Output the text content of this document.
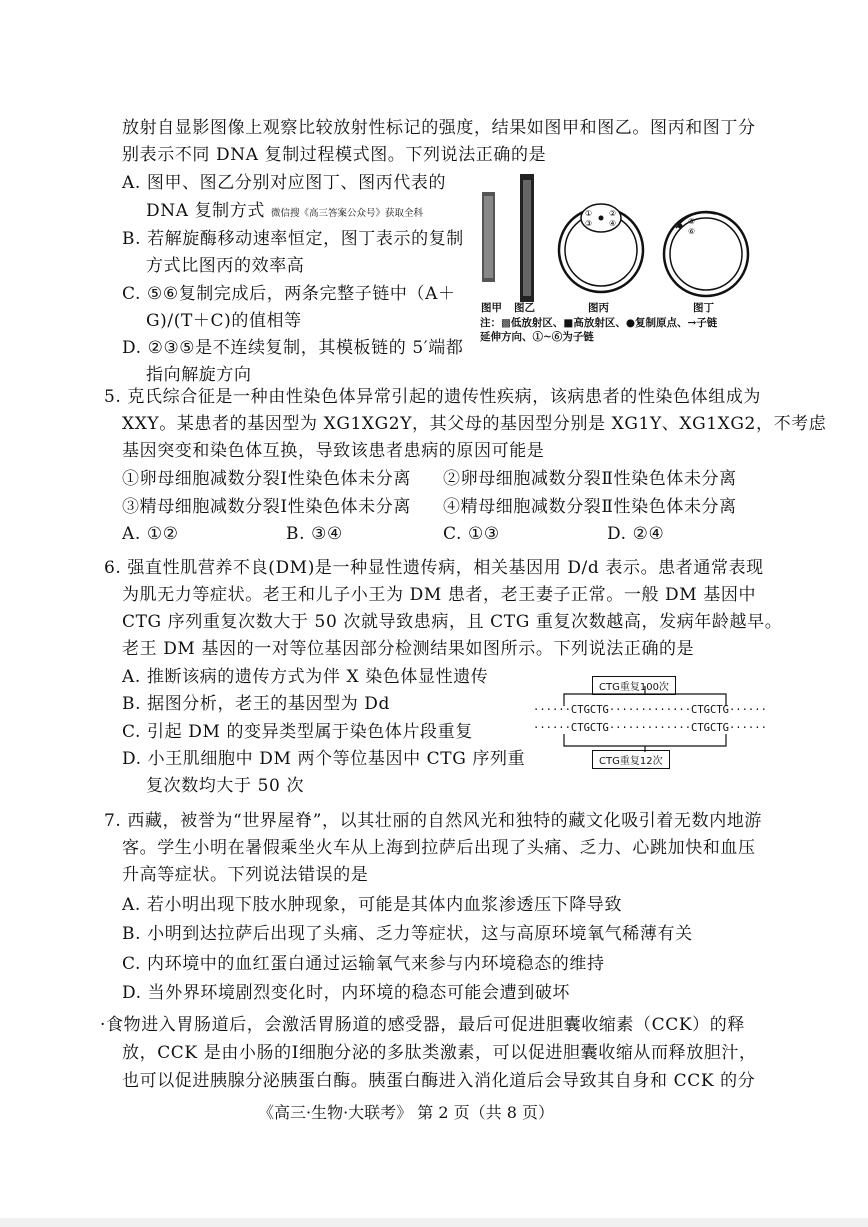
放射自显影图像上观察比较放射性标记的强度，结果如图甲和图乙。图丙和图丁分
别表示不同 DNA 复制过程模式图。下列说法正确的是
A. 图甲、图乙分别对应图丁、图丙代表的
DNA 复制方式 微信搜《高三答案公众号》获取全科
B. 若解旋酶移动速率恒定，图丁表示的复制
方式比图丙的效率高
C. ⑤⑥复制完成后，两条完整子链中（A＋
G)/(T＋C)的值相等
D. ②③⑤是不连续复制，其模板链的 5′端都
指向解旋方向
① ②
③ ④	⑤
⑥
图甲 图乙	图丙	图丁
注：▩低放射区、■高放射区、●复制原点、→子链
延伸方向、①~⑥为子链
5. 克氏综合征是一种由性染色体异常引起的遗传性疾病，该病患者的性染色体组成为
XXY。某患者的基因型为 XG1XG2Y，其父母的基因型分别是 XG1Y、XG1XG2，不考虑
基因突变和染色体互换，导致该患者患病的原因可能是
①卵母细胞减数分裂Ⅰ性染色体未分离 ②卵母细胞减数分裂Ⅱ性染色体未分离
③精母细胞减数分裂Ⅰ性染色体未分离 ④精母细胞减数分裂Ⅱ性染色体未分离
A. ①②	B. ③④	C. ①③	D. ②④
6. 强直性肌营养不良(DM)是一种显性遗传病，相关基因用 D/d 表示。患者通常表现
为肌无力等症状。老王和儿子小王为 DM 患者，老王妻子正常。一般 DM 基因中
CTG 序列重复次数大于 50 次就导致患病，且 CTG 重复次数越高，发病年龄越早。
老王 DM 基因的一对等位基因部分检测结果如图所示。下列说法正确的是
A. 推断该病的遗传方式为伴 X 染色体显性遗传
B. 据图分析，老王的基因型为 Dd
C. 引起 DM 的变异类型属于染色体片段重复
D. 小王肌细胞中 DM 两个等位基因中 CTG 序列重
复次数均大于 50 次
CTG重复100次
······CTGCTG·············CTGCTG······
······CTGCTG·············CTGCTG······
CTG重复12次
7. 西藏，被誉为“世界屋脊”，以其壮丽的自然风光和独特的藏文化吸引着无数内地游
客。学生小明在暑假乘坐火车从上海到拉萨后出现了头痛、乏力、心跳加快和血压
升高等症状。下列说法错误的是
A. 若小明出现下肢水肿现象，可能是其体内血浆渗透压下降导致
B. 小明到达拉萨后出现了头痛、乏力等症状，这与高原环境氧气稀薄有关
C. 内环境中的血红蛋白通过运输氧气来参与内环境稳态的维持
D. 当外界环境剧烈变化时，内环境的稳态可能会遭到破坏
·食物进入胃肠道后，会激活胃肠道的感受器，最后可促进胆囊收缩素（CCK）的释
放，CCK 是由小肠的Ⅰ细胞分泌的多肽类激素，可以促进胆囊收缩从而释放胆汁，
也可以促进胰腺分泌胰蛋白酶。胰蛋白酶进入消化道后会导致其自身和 CCK 的分
《高三·生物·大联考》 第 2 页（共 8 页）
